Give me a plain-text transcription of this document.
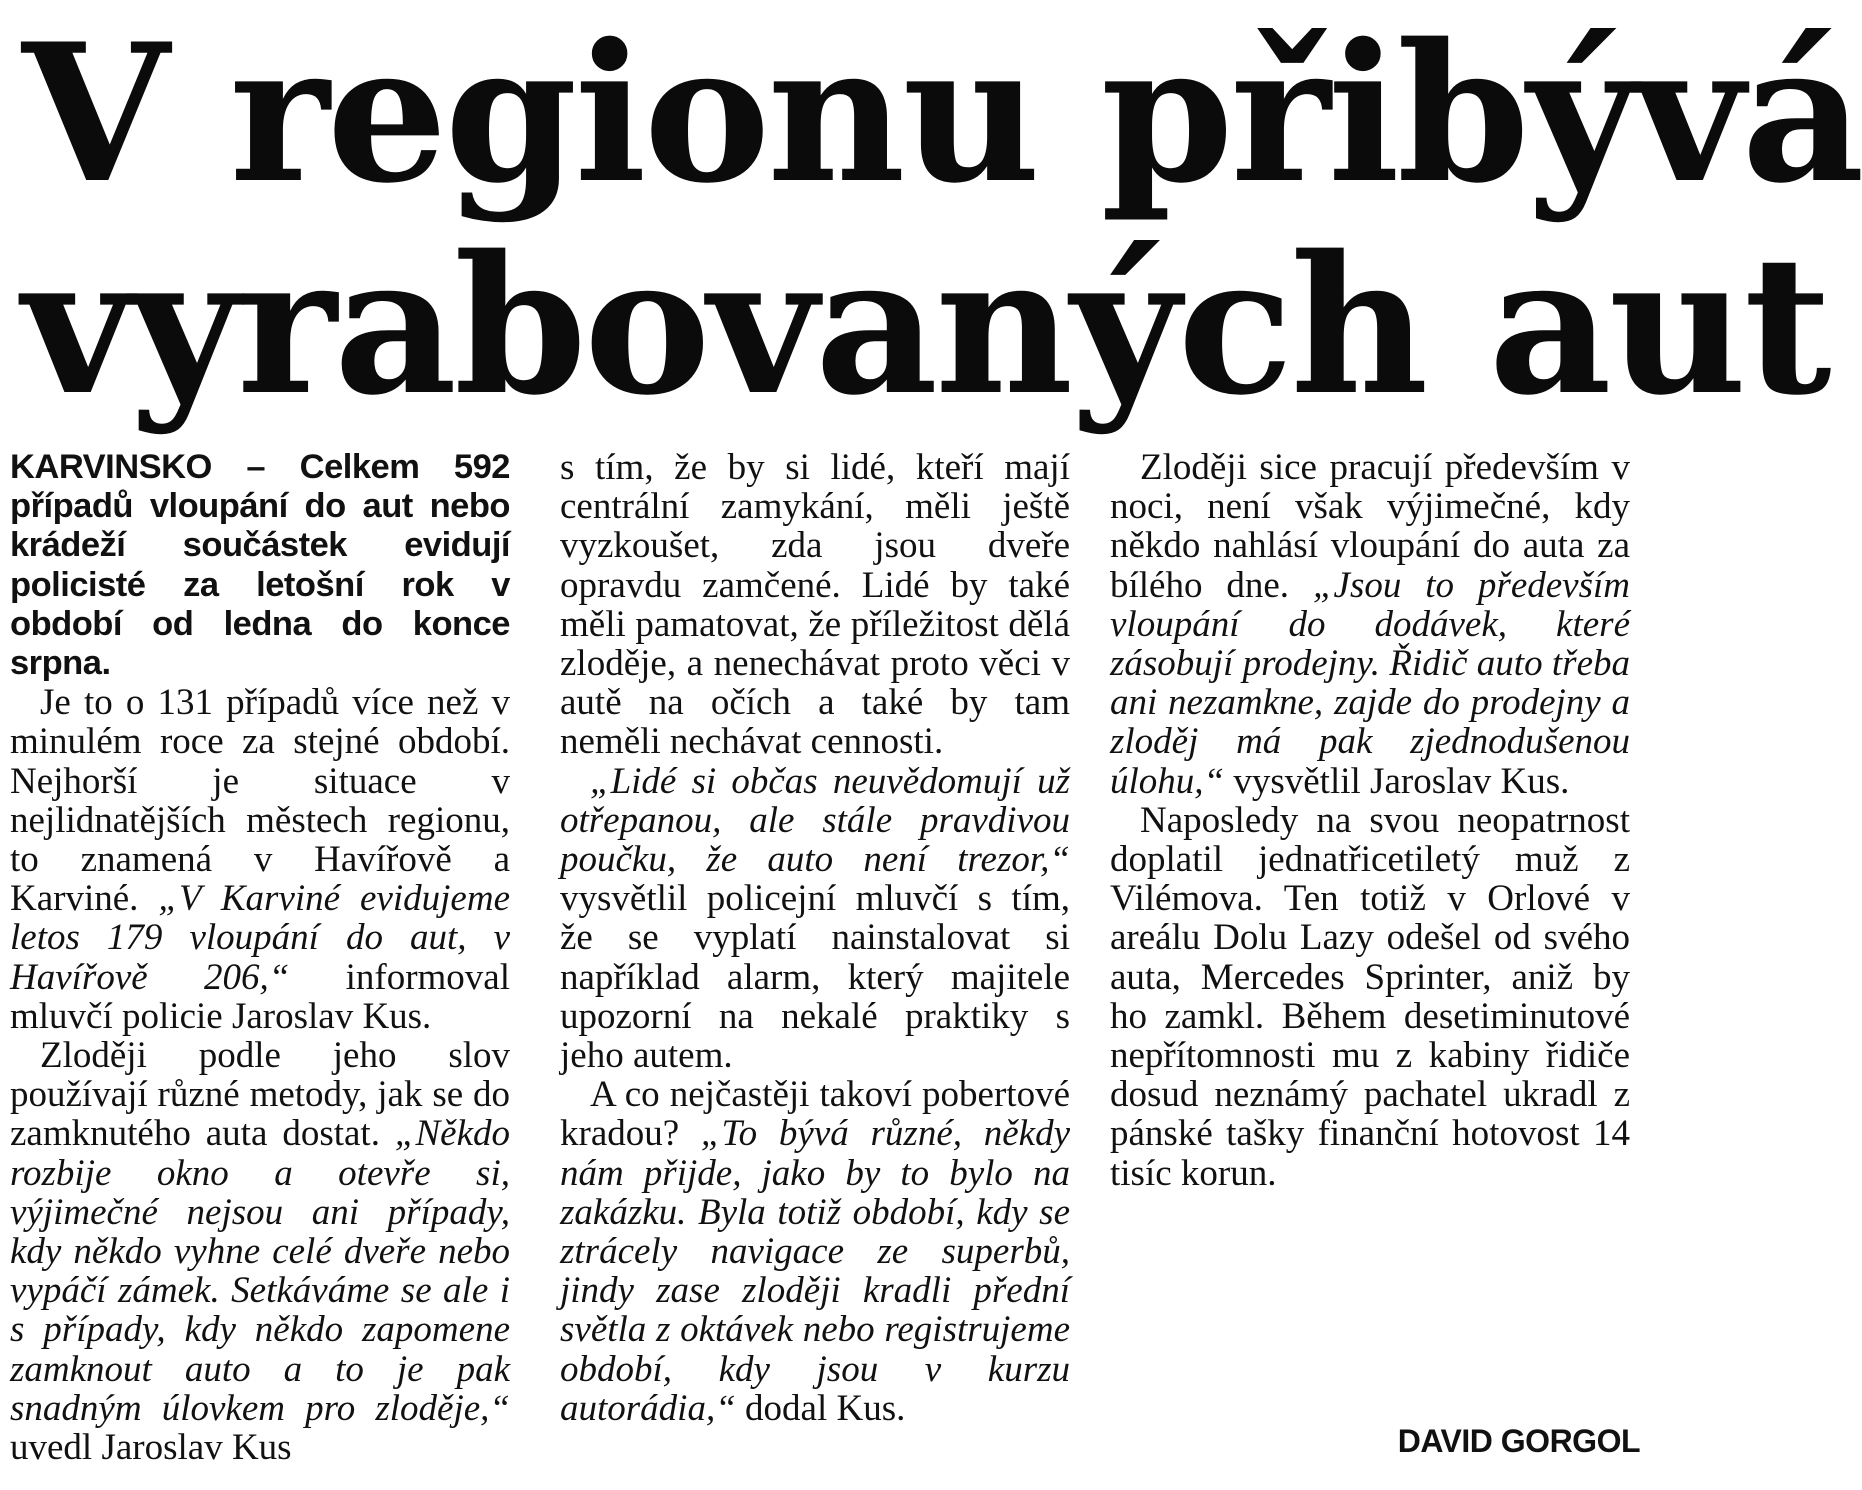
V regionu přibývá
vyrabovaných aut

KARVINSKO – Celkem 592 případů vloupání do aut nebo krádeží součástek evidují policisté za letošní rok v období od ledna do konce srpna.

Je to o 131 případů více než v minulém roce za stejné období. Nejhorší je situace v nejlidnatějších městech regionu, to znamená v Havířově a Karviné. „V Karviné evidujeme letos 179 vloupání do aut, v Havířově 206,“ informoval mluvčí policie Jaroslav Kus.

Zloději podle jeho slov používají různé metody, jak se do zamknutého auta dostat. „Někdo rozbije okno a otevře si, výjimečné nejsou ani případy, kdy někdo vyhne celé dveře nebo vypáčí zámek. Setkáváme se ale i s případy, kdy někdo zapomene zamknout auto a to je pak snadným úlovkem pro zloděje,“ uvedl Jaroslav Kus

s tím, že by si lidé, kteří mají centrální zamykání, měli ještě vyzkoušet, zda jsou dveře opravdu zamčené. Lidé by také měli pamatovat, že příležitost dělá zloděje, a nenechávat proto věci v autě na očích a také by tam neměli nechávat cennosti.

„Lidé si občas neuvědomují už otřepanou, ale stále pravdivou poučku, že auto není trezor,“ vysvětlil policejní mluvčí s tím, že se vyplatí nainstalovat si například alarm, který majitele upozorní na nekalé praktiky s jeho autem.

A co nejčastěji takoví pobertové kradou? „To bývá různé, někdy nám přijde, jako by to bylo na zakázku. Byla totiž období, kdy se ztrácely navigace ze superbů, jindy zase zloději kradli přední světla z oktávek nebo registrujeme období, kdy jsou v kurzu autorádia,“ dodal Kus.

Zloději sice pracují především v noci, není však výjimečné, kdy někdo nahlásí vloupání do auta za bílého dne. „Jsou to především vloupání do dodávek, které zásobují prodejny. Řidič auto třeba ani nezamkne, zajde do prodejny a zloděj má pak zjednodušenou úlohu,“ vysvětlil Jaroslav Kus.

Naposledy na svou neopatrnost doplatil jednatřicetiletý muž z Vilémova. Ten totiž v Orlové v areálu Dolu Lazy odešel od svého auta, Mercedes Sprinter, aniž by ho zamkl. Během desetiminutové nepřítomnosti mu z kabiny řidiče dosud neznámý pachatel ukradl z pánské tašky finanční hotovost 14 tisíc korun.

DAVID GORGOL
